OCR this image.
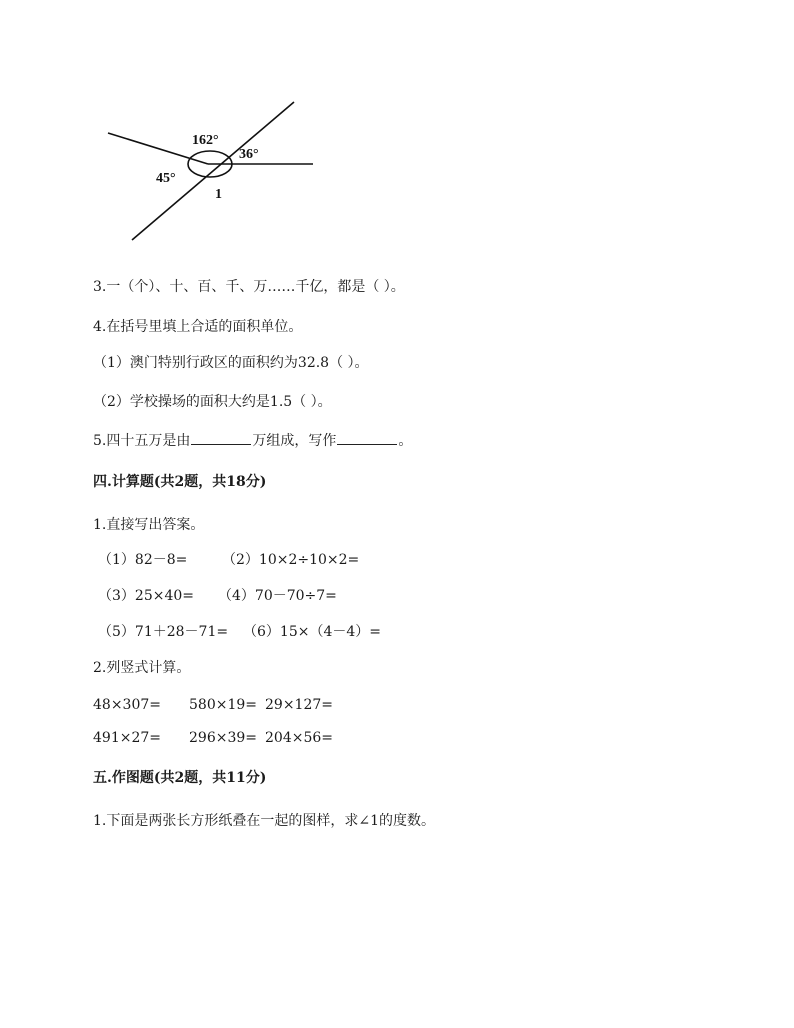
162°
36°
45°
1
3.一（个）、十、百、千、万……千亿，都是（ ）。
4.在括号里填上合适的面积单位。
（1）澳门特别行政区的面积约为32.8（ ）。
（2）学校操场的面积大约是1.5（ ）。
5.四十五万是由	万组成，写作	。
四.计算题(共2题，共18分)
1.直接写出答案。
（1）82－8= （2）10×2÷10×2=
（3）25×40= （4）70－70÷7=
（5）71＋28－71= （6）15×（4－4）=
2.列竖式计算。
48×307= 580×19= 29×127=
491×27= 296×39= 204×56=
五.作图题(共2题，共11分)
1.下面是两张长方形纸叠在一起的图样，求∠1的度数。
